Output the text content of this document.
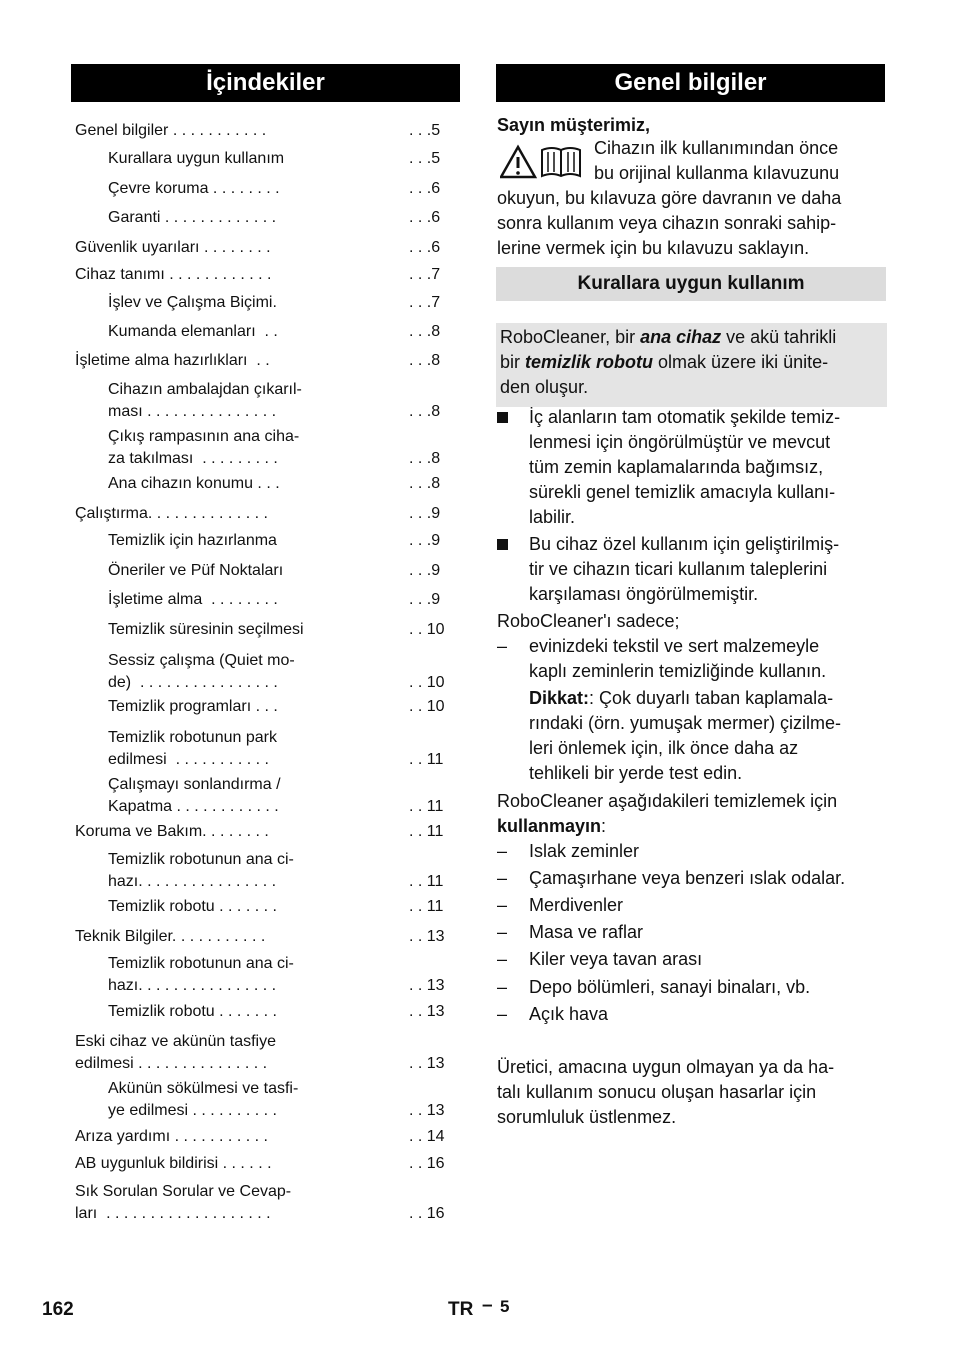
İçindekiler	Genel bilgiler
Genel bilgiler . . . . . . . . . . .	. . .5
Kurallara uygun kullanım	. . .5
Çevre koruma . . . . . . . .	. . .6
Garanti . . . . . . . . . . . . .	. . .6
Güvenlik uyarıları . . . . . . . .	. . .6
Cihaz tanımı . . . . . . . . . . . .	. . .7
İşlev ve Çalışma Biçimi.	. . .7
Kumanda elemanları  . .	. . .8
İşletime alma hazırlıkları  . .	. . .8
Cihazın ambalajdan çıkarıl-
ması . . . . . . . . . . . . . . .	. . .8
Çıkış rampasının ana ciha-
za takılması  . . . . . . . . .	. . .8
Ana cihazın konumu . . .	. . .8
Çalıştırma. . . . . . . . . . . . . .	. . .9
Temizlik için hazırlanma	. . .9
Öneriler ve Püf Noktaları	. . .9
İşletime alma  . . . . . . . .	. . .9
Temizlik süresinin seçilmesi	. . 10
Sessiz çalışma (Quiet mo-
de)  . . . . . . . . . . . . . . . .	. . 10
Temizlik programları . . .	. . 10
Temizlik robotunun park
edilmesi  . . . . . . . . . . .	. . 11
Çalışmayı sonlandırma /
Kapatma . . . . . . . . . . . .	. . 11
Koruma ve Bakım. . . . . . . .	. . 11
Temizlik robotunun ana ci-
hazı. . . . . . . . . . . . . . . .	. . 11
Temizlik robotu . . . . . . .	. . 11
Teknik Bilgiler. . . . . . . . . . .	. . 13
Temizlik robotunun ana ci-
hazı. . . . . . . . . . . . . . . .	. . 13
Temizlik robotu . . . . . . .	. . 13
Eski cihaz ve akünün tasfiye
edilmesi . . . . . . . . . . . . . . .	. . 13
Akünün sökülmesi ve tasfi-
ye edilmesi . . . . . . . . . .	. . 13
Arıza yardımı . . . . . . . . . . .	. . 14
AB uygunluk bildirisi . . . . . .	. . 16
Sık Sorulan Sorular ve Cevap-
ları  . . . . . . . . . . . . . . . . . . .	. . 16
Sayın müşterimiz,
Cihazın ilk kullanımından önce
bu orijinal kullanma kılavuzunu
okuyun, bu kılavuza göre davranın ve daha
sonra kullanım veya cihazın sonraki sahip-
lerine vermek için bu kılavuzu saklayın.
Kurallara uygun kullanım
RoboCleaner, bir ana cihaz ve akü tahrikli
bir temizlik robotu olmak üzere iki ünite-
den oluşur.
İç alanların tam otomatik şekilde temiz-
lenmesi için öngörülmüştür ve mevcut
tüm zemin kaplamalarında bağımsız,
sürekli genel temizlik amacıyla kullanı-
labilir.
Bu cihaz özel kullanım için geliştirilmiş-
tir ve cihazın ticari kullanım taleplerini
karşılaması öngörülmemiştir.
RoboCleaner'ı sadece;
–	evinizdeki tekstil ve sert malzemeyle
kaplı zeminlerin temizliğinde kullanın.
Dikkat:: Çok duyarlı taban kaplamala-
rındaki (örn. yumuşak mermer) çizilme-
leri önlemek için, ilk önce daha az
tehlikeli bir yerde test edin.
RoboCleaner aşağıdakileri temizlemek için
kullanmayın:
–	Islak zeminler
–	Çamaşırhane veya benzeri ıslak odalar.
–	Merdivenler
–	Masa ve raflar
–	Kiler veya tavan arası
–	Depo bölümleri, sanayi binaları, vb.
–	Açık hava
Üretici, amacına uygun olmayan ya da ha-
talı kullanım sonucu oluşan hasarlar için
sorumluluk üstlenmez.
162	TR – 5
